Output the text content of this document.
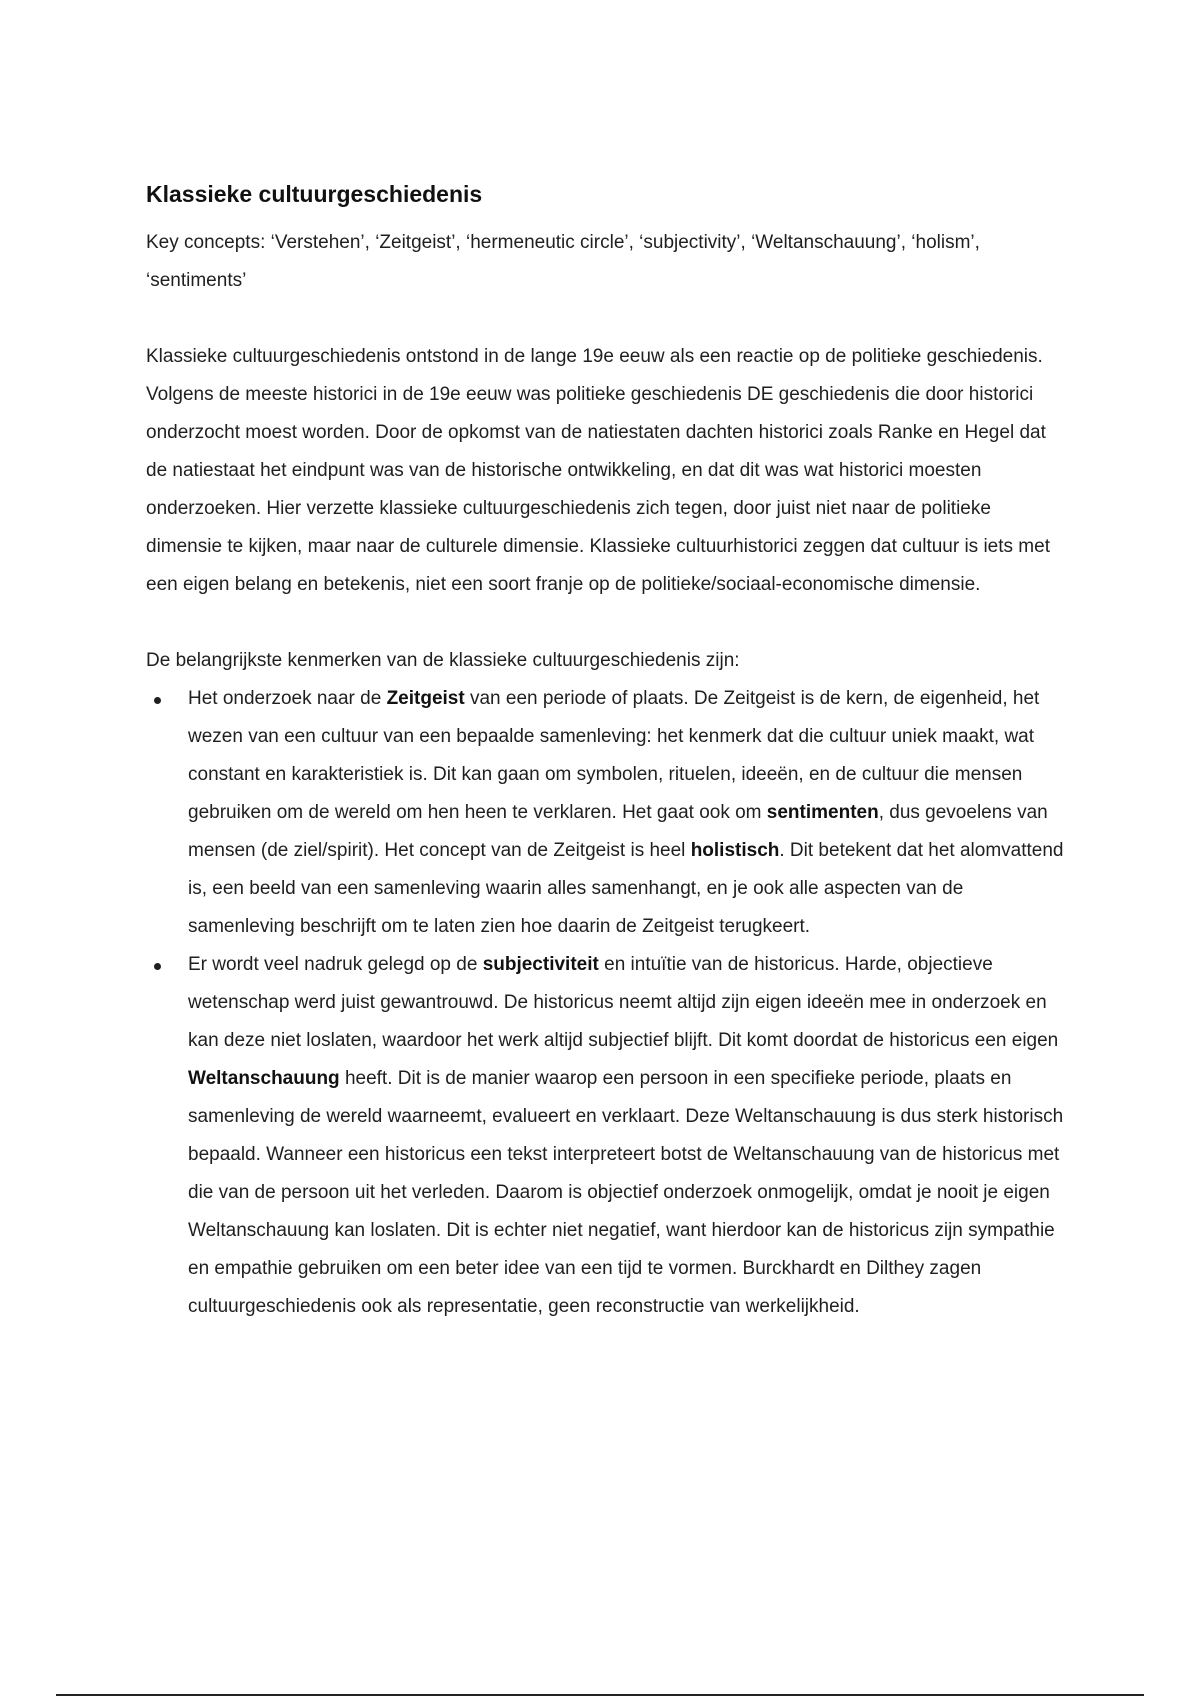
Klassieke cultuurgeschiedenis

Key concepts: ‘Verstehen’, ‘Zeitgeist’, ‘hermeneutic circle’, ‘subjectivity’, ‘Weltanschauung’, ‘holism’, ‘sentiments’

Klassieke cultuurgeschiedenis ontstond in de lange 19e eeuw als een reactie op de politieke geschiedenis. Volgens de meeste historici in de 19e eeuw was politieke geschiedenis DE geschiedenis die door historici onderzocht moest worden. Door de opkomst van de natiestaten dachten historici zoals Ranke en Hegel dat de natiestaat het eindpunt was van de historische ontwikkeling, en dat dit was wat historici moesten onderzoeken. Hier verzette klassieke cultuurgeschiedenis zich tegen, door juist niet naar de politieke dimensie te kijken, maar naar de culturele dimensie. Klassieke cultuurhistorici zeggen dat cultuur is iets met een eigen belang en betekenis, niet een soort franje op de politieke/sociaal-economische dimensie.

De belangrijkste kenmerken van de klassieke cultuurgeschiedenis zijn:

Het onderzoek naar de Zeitgeist van een periode of plaats. De Zeitgeist is de kern, de eigenheid, het wezen van een cultuur van een bepaalde samenleving: het kenmerk dat die cultuur uniek maakt, wat constant en karakteristiek is. Dit kan gaan om symbolen, rituelen, ideeën, en de cultuur die mensen gebruiken om de wereld om hen heen te verklaren. Het gaat ook om sentimenten, dus gevoelens van mensen (de ziel/spirit). Het concept van de Zeitgeist is heel holistisch. Dit betekent dat het alomvattend is, een beeld van een samenleving waarin alles samenhangt, en je ook alle aspecten van de samenleving beschrijft om te laten zien hoe daarin de Zeitgeist terugkeert.
Er wordt veel nadruk gelegd op de subjectiviteit en intuïtie van de historicus. Harde, objectieve wetenschap werd juist gewantrouwd. De historicus neemt altijd zijn eigen ideeën mee in onderzoek en kan deze niet loslaten, waardoor het werk altijd subjectief blijft. Dit komt doordat de historicus een eigen Weltanschauung heeft. Dit is de manier waarop een persoon in een specifieke periode, plaats en samenleving de wereld waarneemt, evalueert en verklaart. Deze Weltanschauung is dus sterk historisch bepaald. Wanneer een historicus een tekst interpreteert botst de Weltanschauung van de historicus met die van de persoon uit het verleden. Daarom is objectief onderzoek onmogelijk, omdat je nooit je eigen Weltanschauung kan loslaten. Dit is echter niet negatief, want hierdoor kan de historicus zijn sympathie en empathie gebruiken om een beter idee van een tijd te vormen. Burckhardt en Dilthey zagen cultuurgeschiedenis ook als representatie, geen reconstructie van werkelijkheid.
